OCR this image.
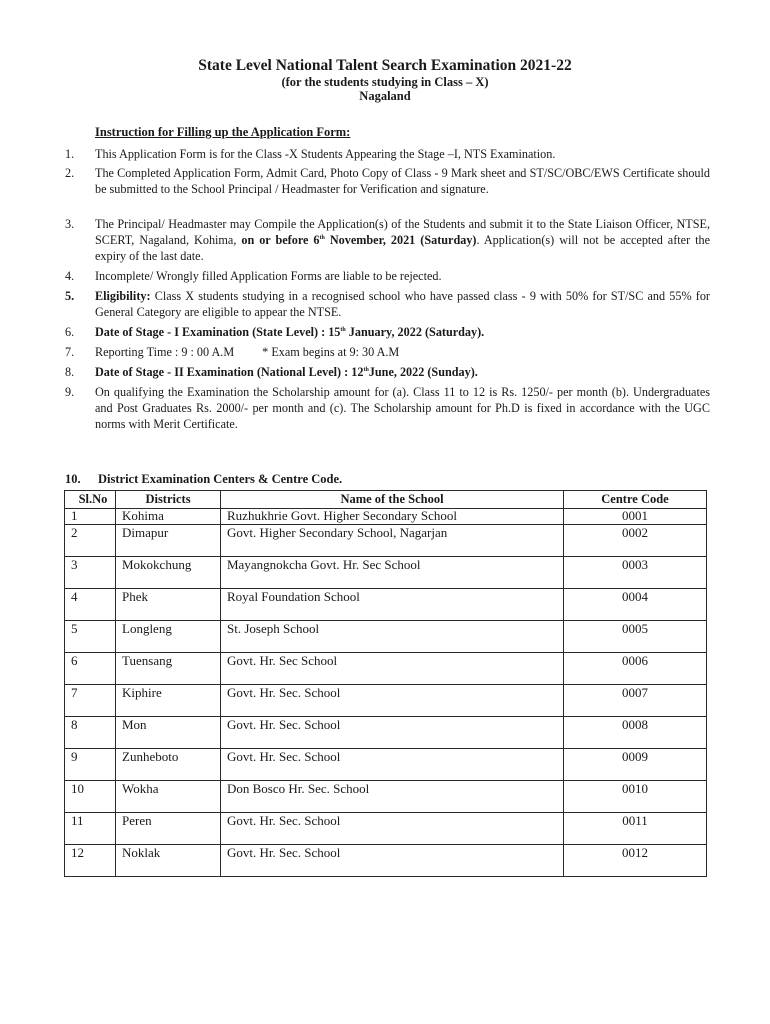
State Level National Talent Search Examination 2021-22
(for the students studying in Class – X)
Nagaland
Instruction for Filling up the Application Form:
1.	This Application Form is for the Class -X Students Appearing the Stage –I, NTS Examination.
2.	The Completed Application Form, Admit Card, Photo Copy of Class - 9 Mark sheet and ST/SC/OBC/EWS Certificate should be submitted to the School Principal / Headmaster for Verification and signature.
3.	The Principal/ Headmaster may Compile the Application(s) of the Students and submit it to the State Liaison Officer, NTSE, SCERT, Nagaland, Kohima, on or before 6th November, 2021 (Saturday). Application(s) will not be accepted after the expiry of the last date.
4.	Incomplete/ Wrongly filled Application Forms are liable to be rejected.
5.	Eligibility: Class X students studying in a recognised school who have passed class - 9 with 50% for ST/SC and 55% for General Category are eligible to appear the NTSE.
6.	Date of Stage - I Examination (State Level) : 15th January, 2022 (Saturday).
7.	Reporting Time : 9 : 00 A.M * Exam begins at 9: 30 A.M
8.	Date of Stage - II Examination (National Level) : 12thJune, 2022 (Sunday).
9.	On qualifying the Examination the Scholarship amount for (a). Class 11 to 12 is Rs. 1250/- per month (b). Undergraduates and Post Graduates Rs. 2000/- per month and (c). The Scholarship amount for Ph.D is fixed in accordance with the UGC norms with Merit Certificate.
10. District Examination Centers & Centre Code.
Sl.No	Districts	Name of the School	Centre Code
1	Kohima	Ruzhukhrie Govt. Higher Secondary School	0001
2	Dimapur	Govt. Higher Secondary School, Nagarjan	0002
3	Mokokchung	Mayangnokcha Govt. Hr. Sec School	0003
4	Phek	Royal Foundation School	0004
5	Longleng	St. Joseph School	0005
6	Tuensang	Govt. Hr. Sec School	0006
7	Kiphire	Govt. Hr. Sec. School	0007
8	Mon	Govt. Hr. Sec. School	0008
9	Zunheboto	Govt. Hr. Sec. School	0009
10	Wokha	Don Bosco Hr. Sec. School	0010
11	Peren	Govt. Hr. Sec. School	0011
12	Noklak	Govt. Hr. Sec. School	0012
